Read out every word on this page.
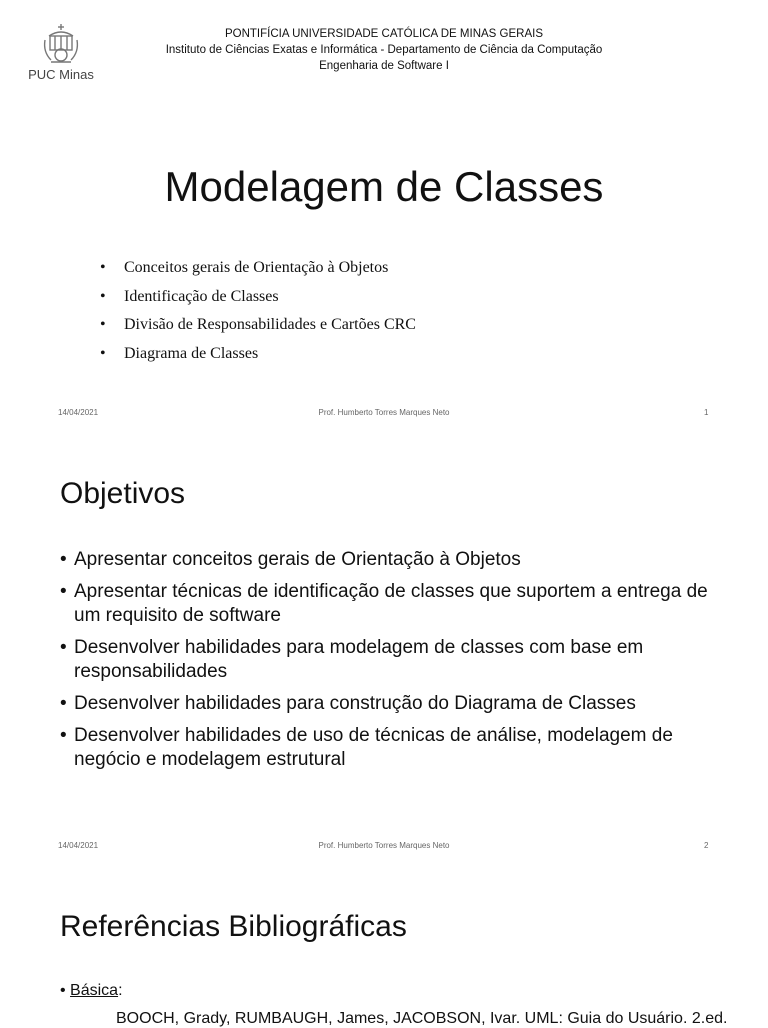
PUC Minas
PONTIFÍCIA UNIVERSIDADE CATÓLICA DE MINAS GERAIS
Instituto de Ciências Exatas e Informática - Departamento de Ciência da Computação
Engenharia de Software I
Modelagem de Classes
• Conceitos gerais de Orientação à Objetos
• Identificação de Classes
• Divisão de Responsabilidades e Cartões CRC
• Diagrama de Classes
14/04/2021	Prof. Humberto Torres Marques Neto	1
Objetivos
• Apresentar conceitos gerais de Orientação à Objetos
• Apresentar técnicas de identificação de classes que suportem a entrega de um requisito de software
• Desenvolver habilidades para modelagem de classes com base em responsabilidades
• Desenvolver habilidades para construção do Diagrama de Classes
• Desenvolver habilidades de uso de técnicas de análise, modelagem de negócio e modelagem estrutural
14/04/2021	Prof. Humberto Torres Marques Neto	2
Referências Bibliográficas
• Básica:
BOOCH, Grady, RUMBAUGH, James, JACOBSON, Ivar. UML: Guia do Usuário. 2.ed.
